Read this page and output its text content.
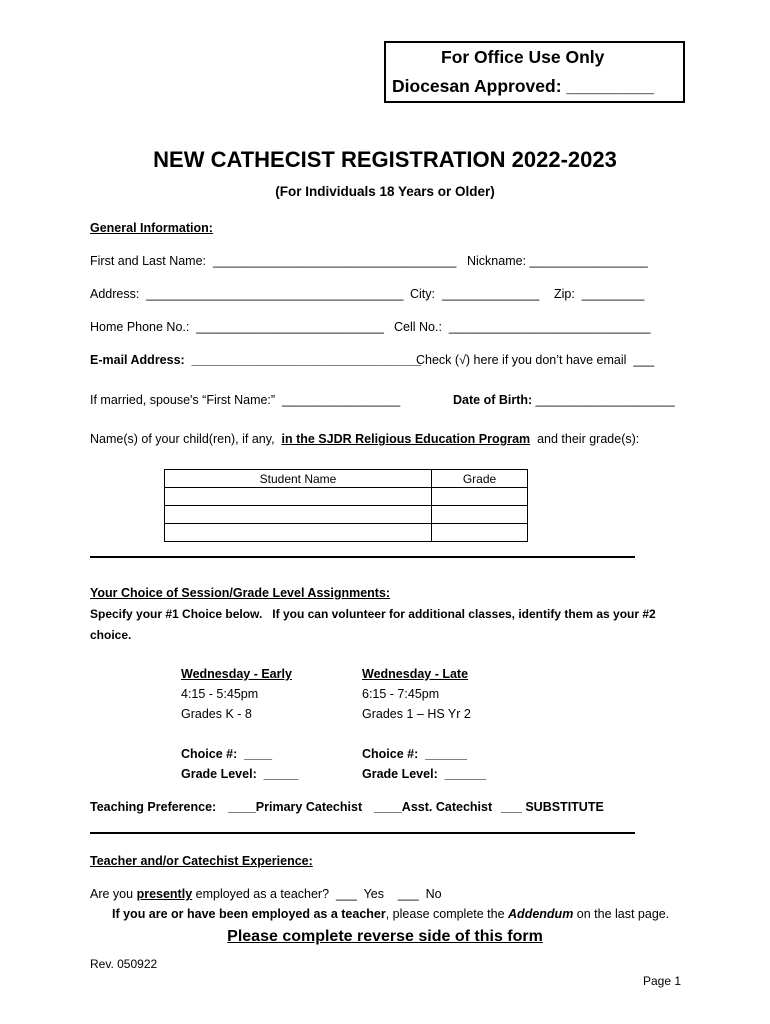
For Office Use Only
Diocesan Approved: _________
NEW CATHECIST REGISTRATION 2022-2023
(For Individuals 18 Years or Older)
General Information:
First and Last Name:  ___________________________________ Nickname: _________________
Address:  _____________________________________ City:  ______________ Zip:  _________
Home Phone No.:  ___________________________ Cell No.:  _____________________________
E-mail Address:  _________________________________
Check (√) here if you don’t have email  ___
If married, spouse's “First Name:”  _________________	Date of Birth: ____________________
Name(s) of your child(ren), if any,  in the SJDR Religious Education Program  and their grade(s):
Student Name	Grade

Your Choice of Session/Grade Level Assignments:
Specify your #1 Choice below.   If you can volunteer for additional classes, identify them as your #2
choice.
Wednesday - Early
4:15 - 5:45pm
Grades K - 8
Choice #:  ____
Grade Level:  _____
Wednesday - Late
6:15 - 7:45pm
Grades 1 – HS Yr 2
Choice #:  ______
Grade Level:  ______
Teaching Preference: ____Primary Catechist ____Asst. Catechist ___ SUBSTITUTE
Teacher and/or Catechist Experience:
Are you presently employed as a teacher?  ___  Yes    ___  No
If you are or have been employed as a teacher, please complete the Addendum on the last page.
Please complete reverse side of this form
Rev. 050922
Page 1
